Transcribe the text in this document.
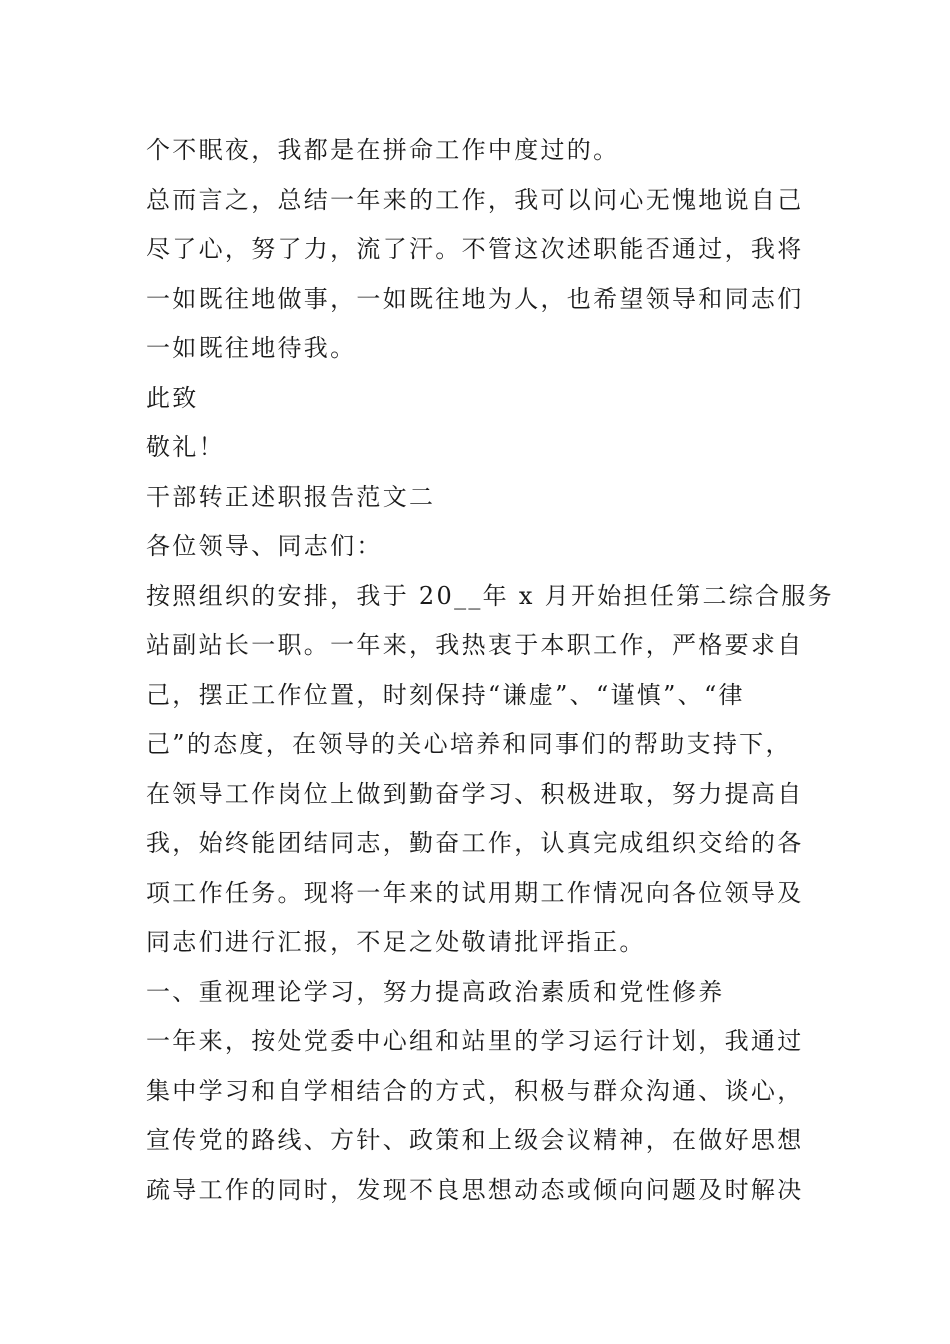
个不眠夜，我都是在拼命工作中度过的。
总而言之，总结一年来的工作，我可以问心无愧地说自己
尽了心，努了力，流了汗。不管这次述职能否通过，我将
一如既往地做事，一如既往地为人，也希望领导和同志们
一如既往地待我。
此致
敬礼！
干部转正述职报告范文二
各位领导、同志们：
按照组织的安排，我于 20__年 x 月开始担任第二综合服务
站副站长一职。一年来，我热衷于本职工作，严格要求自
己，摆正工作位置，时刻保持“谦虚”、“谨慎”、“律
己”的态度，在领导的关心培养和同事们的帮助支持下，
在领导工作岗位上做到勤奋学习、积极进取，努力提高自
我，始终能团结同志，勤奋工作，认真完成组织交给的各
项工作任务。现将一年来的试用期工作情况向各位领导及
同志们进行汇报，不足之处敬请批评指正。
一、重视理论学习，努力提高政治素质和党性修养
一年来，按处党委中心组和站里的学习运行计划，我通过
集中学习和自学相结合的方式，积极与群众沟通、谈心，
宣传党的路线、方针、政策和上级会议精神，在做好思想
疏导工作的同时，发现不良思想动态或倾向问题及时解决
